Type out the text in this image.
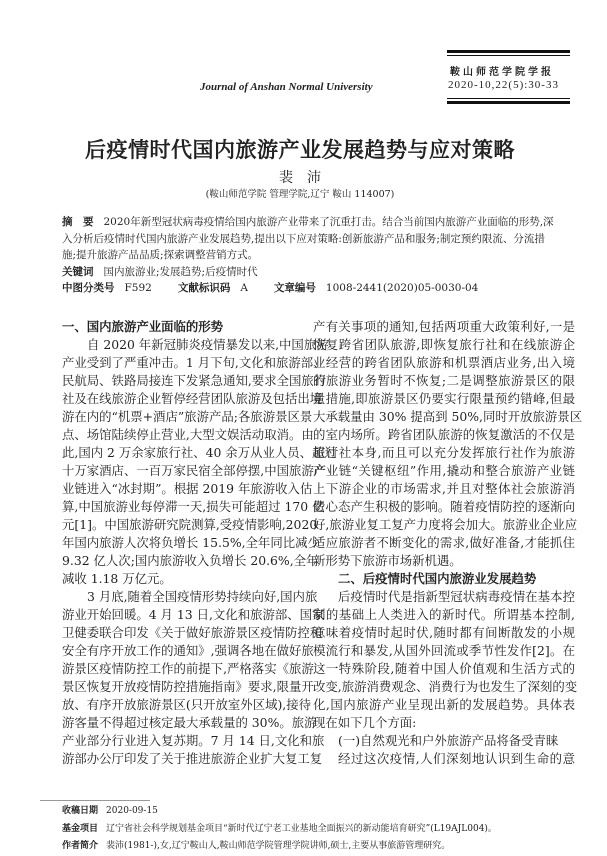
鞍山师范学院学报
Journal of Anshan Normal University	2020-10,22(5):30-33
后疫情时代国内旅游产业发展趋势与应对策略
裴沛
(鞍山师范学院 管理学院,辽宁 鞍山 114007)
摘　要 2020年新型冠状病毒疫情给国内旅游产业带来了沉重打击。结合当前国内旅游产业面临的形势,深入分析后疫情时代国内旅游产业发展趋势,提出以下应对策略:创新旅游产品和服务;制定预约限流、分流措施;提升旅游产品品质;探索调整营销方式。
关键词 国内旅游业;发展趋势;后疫情时代
中图分类号 F592 文献标识码 A 文章编号 1008-2441(2020)05-0030-04
一、国内旅游产业面临的形势
自 2020 年新冠肺炎疫情暴发以来,中国旅游
产业受到了严重冲击。1 月下旬,文化和旅游部、
民航局、铁路局接连下发紧急通知,要求全国旅行
社及在线旅游企业暂停经营团队旅游及包括出境
游在内的“机票+酒店”旅游产品;各旅游景区景
点、场馆陆续停止营业,大型文娱活动取消。由
此,国内 2 万余家旅行社、40 余万从业人员、超过
十万家酒店、一百万家民宿全部停摆,中国旅游产
业链进入“冰封期”。根据 2019 年旅游收入估
算,中国旅游业每停滞一天,损失可能超过 170 亿
元[1]。中国旅游研究院测算,受疫情影响,2020
年国内旅游人次将负增长 15.5%,全年同比减少
9.32 亿人次;国内旅游收入负增长 20.6%,全年
减收 1.18 万亿元。
3 月底,随着全国疫情形势持续向好,国内旅
游业开始回暖。4 月 13 日,文化和旅游部、国家
卫健委联合印发《关于做好旅游景区疫情防控和
安全有序开放工作的通知》,强调各地在做好旅
游景区疫情防控工作的前提下,严格落实《旅游
景区恢复开放疫情防控措施指南》要求,限量开
放、有序开放旅游景区(只开放室外区域),接待
游客量不得超过核定最大承载量的 30%。旅游
产业部分行业进入复苏期。7 月 14 日,文化和旅
游部办公厅印发了关于推进旅游企业扩大复工复
产有关事项的通知,包括两项重大政策利好,一是
恢复跨省团队旅游,即恢复旅行社和在线旅游企
业经营的跨省团队旅游和机票酒店业务,出入境
的旅游业务暂时不恢复;二是调整旅游景区的限
量措施,即旅游景区仍要实行限量预约错峰,但最
大承载量由 30% 提高到 50%,同时开放旅游景区
的室内场所。跨省团队旅游的恢复激活的不仅是
旅行社本身,而且可以充分发挥旅行社作为旅游
产业链“关键枢纽”作用,撬动和整合旅游产业链
上下游企业的市场需求,并且对整体社会旅游消
费心态产生积极的影响。随着疫情防控的逐渐向
好,旅游业复工复产力度将会加大。旅游业企业应
适应旅游者不断变化的需求,做好准备,才能抓住
新形势下旅游市场新机遇。
二、后疫情时代国内旅游业发展趋势
后疫情时代是指新型冠状病毒疫情在基本控
制的基础上人类进入的新时代。所谓基本控制,
意味着疫情时起时伏,随时都有间断散发的小规
模流行和暴发,从国外回流或季节性发作[2]。在
这一特殊阶段,随着中国人价值观和生活方式的
改变,旅游消费观念、消费行为也发生了深刻的变
化,国内旅游产业呈现出新的发展趋势。具体表
现在如下几个方面:
(一)自然观光和户外旅游产品将备受青睐
经过这次疫情,人们深刻地认识到生命的意
收稿日期 2020-09-15
基金项目 辽宁省社会科学规划基金项目“新时代辽宁老工业基地全面振兴的新动能培育研究”(L19AJL004)。
作者简介 裴沛(1981-),女,辽宁鞍山人,鞍山师范学院管理学院讲师,硕士,主要从事旅游管理研究。
